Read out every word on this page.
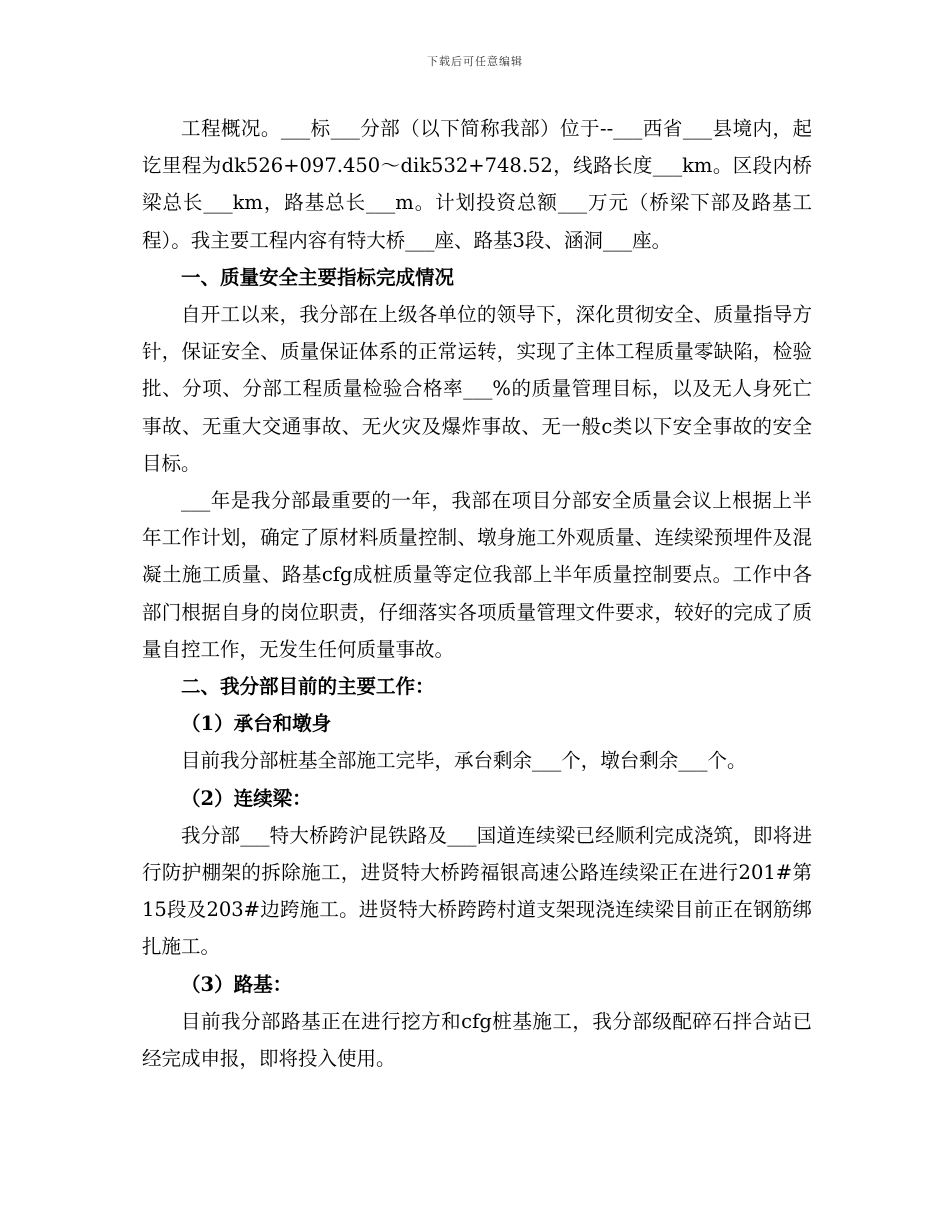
下载后可任意编辑

工程概况。___标___分部（以下简称我部）位于--___西省___县境内，起讫里程为dk526+097.450～dik532+748.52，线路长度___km。区段内桥梁总长___km，路基总长___m。计划投资总额___万元（桥梁下部及路基工程）。我主要工程内容有特大桥___座、路基3段、涵洞___座。

一、质量安全主要指标完成情况

自开工以来，我分部在上级各单位的领导下，深化贯彻安全、质量指导方针，保证安全、质量保证体系的正常运转，实现了主体工程质量零缺陷，检验批、分项、分部工程质量检验合格率___%的质量管理目标，以及无人身死亡事故、无重大交通事故、无火灾及爆炸事故、无一般c类以下安全事故的安全目标。

___年是我分部最重要的一年，我部在项目分部安全质量会议上根据上半年工作计划，确定了原材料质量控制、墩身施工外观质量、连续梁预埋件及混凝土施工质量、路基cfg成桩质量等定位我部上半年质量控制要点。工作中各部门根据自身的岗位职责，仔细落实各项质量管理文件要求，较好的完成了质量自控工作，无发生任何质量事故。

二、我分部目前的主要工作：

（1）承台和墩身

目前我分部桩基全部施工完毕，承台剩余___个，墩台剩余___个。

（2）连续梁：

我分部___特大桥跨沪昆铁路及___国道连续梁已经顺利完成浇筑，即将进行防护棚架的拆除施工，进贤特大桥跨福银高速公路连续梁正在进行201#第15段及203#边跨施工。进贤特大桥跨跨村道支架现浇连续梁目前正在钢筋绑扎施工。

（3）路基：

目前我分部路基正在进行挖方和cfg桩基施工，我分部级配碎石拌合站已经完成申报，即将投入使用。
